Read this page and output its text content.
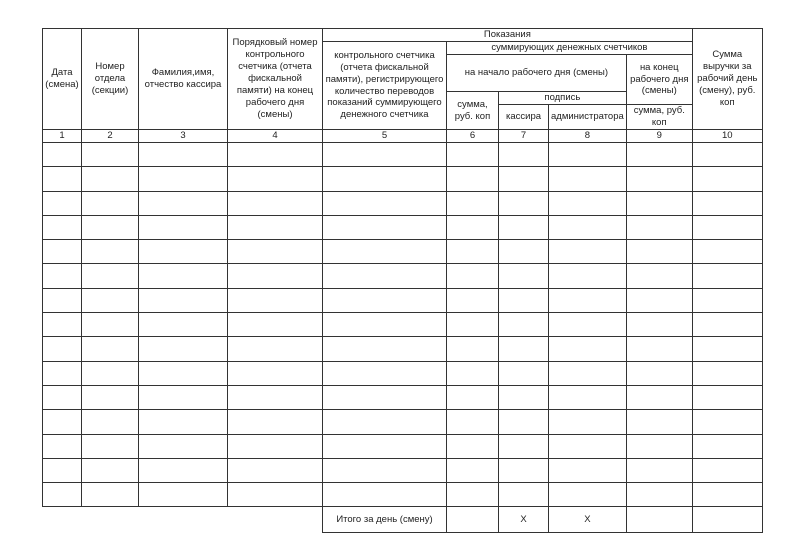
Дата (смена)	Номер отдела (секции)	Фамилия,имя, отчество кассира	Порядковый номер контрольного счетчика (отчета фискальной памяти) на конец рабочего дня (смены)	Показания					Сумма выручки за рабочий день (смену), руб. коп
				контрольного счетчика (отчета фискальной памяти), регистрирующего количество переводов показаний суммирующего денежного счетчика	суммирующих денежных счетчиков				
					на начало рабочего дня (смены)			на конец рабочего дня (смены)	
					сумма, руб. коп	подпись			
						кассира	администратора	сумма, руб. коп	
1	2	3	4	5	6	7	8	9	10

				Итого за день (смену)		Х	Х		
